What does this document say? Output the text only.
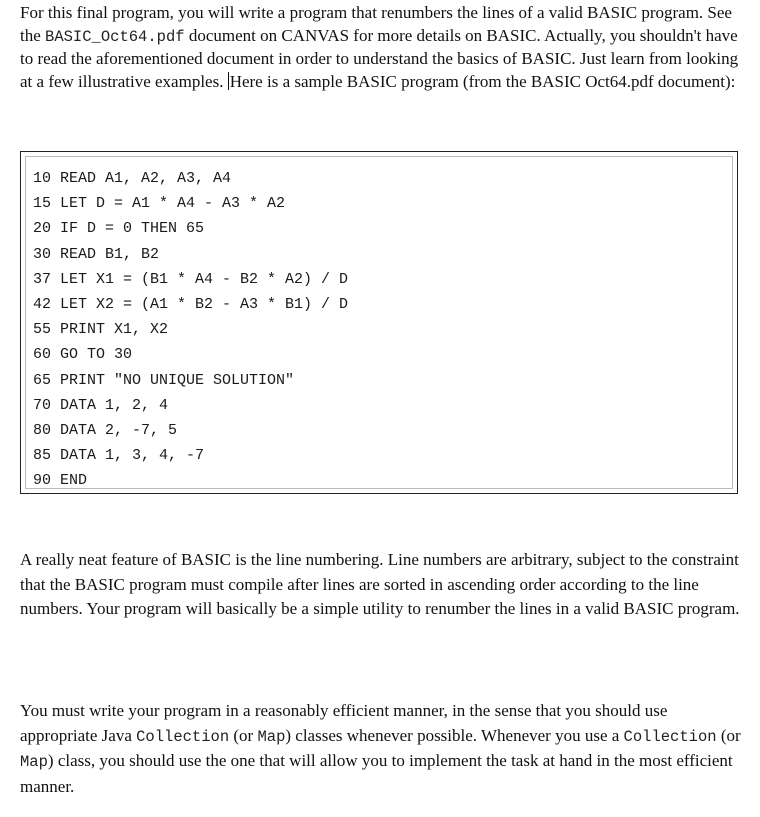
For this final program, you will write a program that renumbers the lines of a valid BASIC program. See the BASIC_Oct64.pdf document on CANVAS for more details on BASIC. Actually, you shouldn't have to read the aforementioned document in order to understand the basics of BASIC. Just learn from looking at a few illustrative examples. Here is a sample BASIC program (from the BASIC Oct64.pdf document):

10 READ A1, A2, A3, A4
15 LET D = A1 * A4 - A3 * A2
20 IF D = 0 THEN 65
30 READ B1, B2
37 LET X1 = (B1 * A4 - B2 * A2) / D
42 LET X2 = (A1 * B2 - A3 * B1) / D
55 PRINT X1, X2
60 GO TO 30
65 PRINT "NO UNIQUE SOLUTION"
70 DATA 1, 2, 4
80 DATA 2, -7, 5
85 DATA 1, 3, 4, -7
90 END

A really neat feature of BASIC is the line numbering. Line numbers are arbitrary, subject to the constraint that the BASIC program must compile after lines are sorted in ascending order according to the line numbers. Your program will basically be a simple utility to renumber the lines in a valid BASIC program.

You must write your program in a reasonably efficient manner, in the sense that you should use appropriate Java Collection (or Map) classes whenever possible. Whenever you use a Collection (or Map) class, you should use the one that will allow you to implement the task at hand in the most efficient manner.
